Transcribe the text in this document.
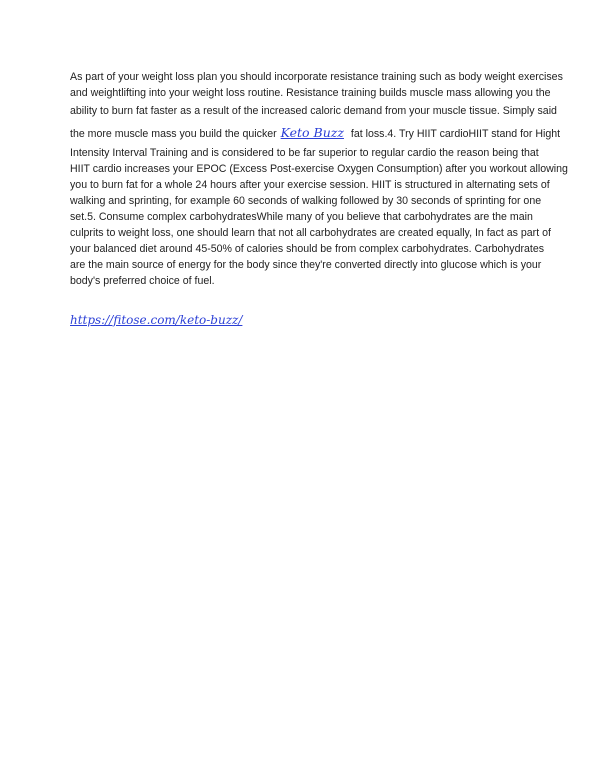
As part of your weight loss plan you should incorporate resistance training such as body weight exercises
and weightlifting into your weight loss routine. Resistance training builds muscle mass allowing you the
ability to burn fat faster as a result of the increased caloric demand from your muscle tissue. Simply said
the more muscle mass you build the quicker Keto Buzz fat loss.4. Try HIIT cardioHIIT stand for Hight
Intensity Interval Training and is considered to be far superior to regular cardio the reason being that
HIIT cardio increases your EPOC (Excess Post-exercise Oxygen Consumption) after you workout allowing
you to burn fat for a whole 24 hours after your exercise session. HIIT is structured in alternating sets of
walking and sprinting, for example 60 seconds of walking followed by 30 seconds of sprinting for one
set.5. Consume complex carbohydratesWhile many of you believe that carbohydrates are the main
culprits to weight loss, one should learn that not all carbohydrates are created equally, In fact as part of
your balanced diet around 45-50% of calories should be from complex carbohydrates. Carbohydrates
are the main source of energy for the body since they're converted directly into glucose which is your
body's preferred choice of fuel.

https://fitose.com/keto-buzz/
